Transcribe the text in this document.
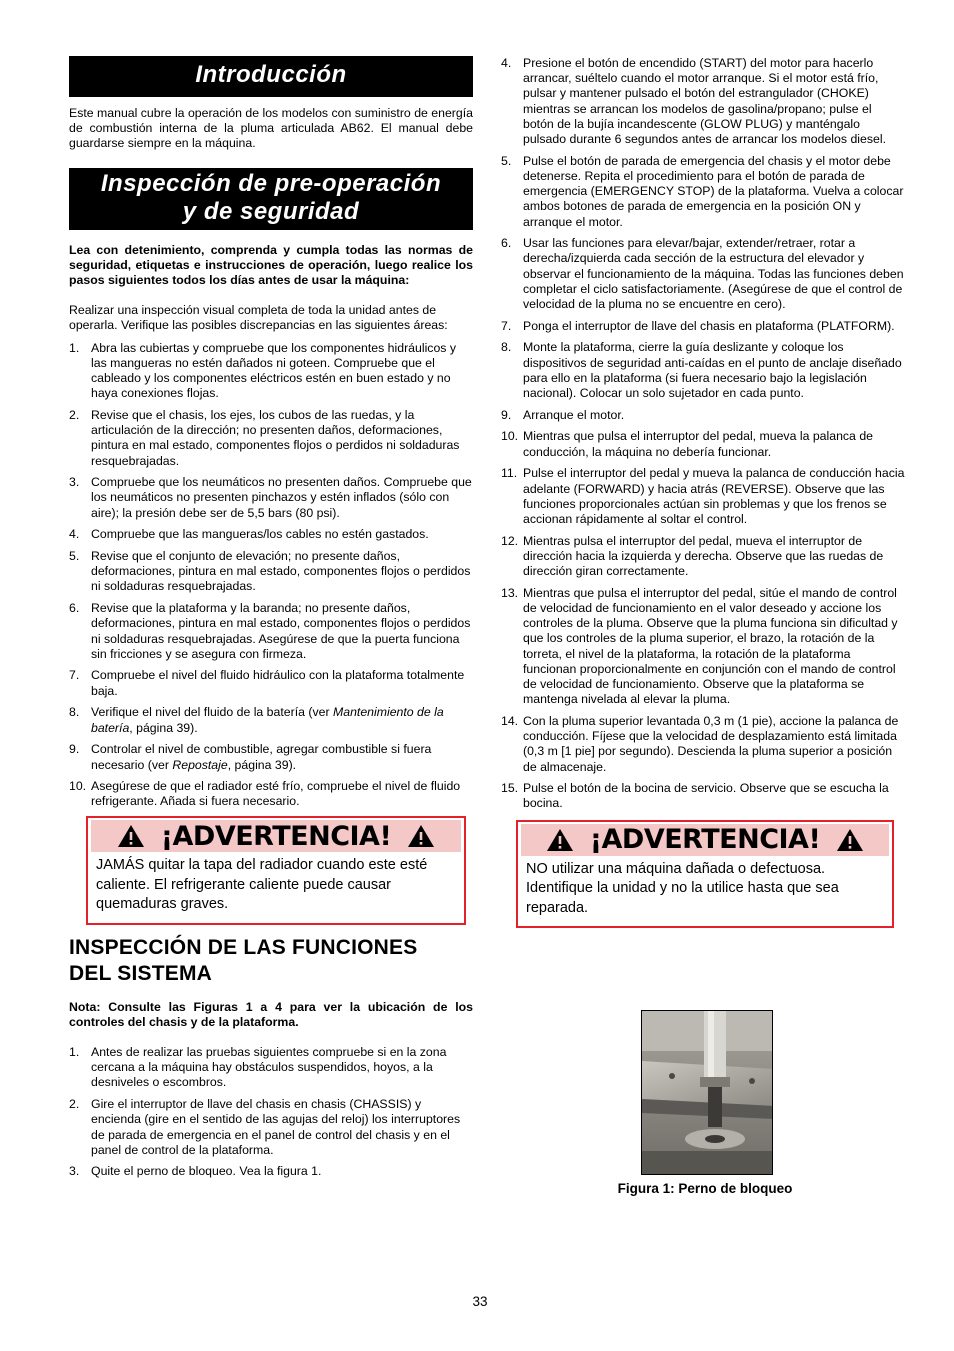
Introducción

Este manual cubre la operación de los modelos con suministro de energía de combustión interna de la pluma articulada AB62. El manual debe guardarse siempre en la máquina.

Inspección de pre-operación
y de seguridad

Lea con detenimiento, comprenda y cumpla todas las normas de seguridad, etiquetas e instrucciones de operación, luego realice los pasos siguientes todos los días antes de usar la máquina:

Realizar una inspección visual completa de toda la unidad antes de operarla. Verifique las posibles discrepancias en las siguientes áreas:

1. Abra las cubiertas y compruebe que los componentes hidráulicos y las mangueras no estén dañados ni goteen. Compruebe que el cableado y los componentes eléctricos estén en buen estado y no haya conexiones flojas.
2. Revise que el chasis, los ejes, los cubos de las ruedas, y la articulación de la dirección; no presenten daños, deformaciones, pintura en mal estado, componentes flojos o perdidos ni soldaduras resquebrajadas.
3. Compruebe que los neumáticos no presenten daños. Compruebe que los neumáticos no presenten pinchazos y estén inflados (sólo con aire); la presión debe ser de 5,5 bars (80 psi).
4. Compruebe que las mangueras/los cables no estén gastados.
5. Revise que el conjunto de elevación; no presente daños, deformaciones, pintura en mal estado, componentes flojos o perdidos ni soldaduras resquebrajadas.
6. Revise que la plataforma y la baranda; no presente daños, deformaciones, pintura en mal estado, componentes flojos o perdidos ni soldaduras resquebrajadas. Asegúrese de que la puerta funciona sin fricciones y se asegura con firmeza.
7. Compruebe el nivel del fluido hidráulico con la plataforma totalmente baja.
8. Verifique el nivel del fluido de la batería (ver Mantenimiento de la batería, página 39).
9. Controlar el nivel de combustible, agregar combustible si fuera necesario (ver Repostaje, página 39).
10. Asegúrese de que el radiador esté frío, compruebe el nivel de fluido refrigerante. Añada si fuera necesario.
¡ADVERTENCIA!
JAMÁS quitar la tapa del radiador cuando este esté caliente. El refrigerante caliente puede causar quemaduras graves.
INSPECCIÓN DE LAS FUNCIONES
DEL SISTEMA

Nota: Consulte las Figuras 1 a 4 para ver la ubicación de los controles del chasis y de la plataforma.

1. Antes de realizar las pruebas siguientes compruebe si en la zona cercana a la máquina hay obstáculos suspendidos, hoyos, a la desniveles o escombros.
2. Gire el interruptor de llave del chasis en chasis (CHASSIS) y encienda (gire en el sentido de las agujas del reloj) los interruptores de parada de emergencia en el panel de control del chasis y en el panel de control de la plataforma.
3. Quite el perno de bloqueo. Vea la figura 1.
4. Presione el botón de encendido (START) del motor para hacerlo arrancar, suéltelo cuando el motor arranque. Si el motor está frío, pulsar y mantener pulsado el botón del estrangulador (CHOKE) mientras se arrancan los modelos de gasolina/propano; pulse el botón de la bujía incandescente (GLOW PLUG) y manténgalo pulsado durante 6 segundos antes de arrancar los modelos diesel.
5. Pulse el botón de parada de emergencia del chasis y el motor debe detenerse. Repita el procedimiento para el botón de parada de emergencia (EMERGENCY STOP) de la plataforma. Vuelva a colocar ambos botones de parada de emergencia en la posición ON y arranque el motor.
6. Usar las funciones para elevar/bajar, extender/retraer, rotar a derecha/izquierda cada sección de la estructura del elevador y observar el funcionamiento de la máquina. Todas las funciones deben completar el ciclo satisfactoriamente. (Asegúrese de que el control de velocidad de la pluma no se encuentre en cero).
7. Ponga el interruptor de llave del chasis en plataforma (PLATFORM).
8. Monte la plataforma, cierre la guía deslizante y coloque los dispositivos de seguridad anti-caídas en el punto de anclaje diseñado para ello en la plataforma (si fuera necesario bajo la legislación nacional). Colocar un solo sujetador en cada punto.
9. Arranque el motor.
10. Mientras que pulsa el interruptor del pedal, mueva la palanca de conducción, la máquina no debería funcionar.
11. Pulse el interruptor del pedal y mueva la palanca de conducción hacia adelante (FORWARD) y hacia atrás (REVERSE). Observe que las funciones proporcionales actúan sin problemas y que los frenos se accionan rápidamente al soltar el control.
12. Mientras pulsa el interruptor del pedal, mueva el interruptor de dirección hacia la izquierda y derecha. Observe que las ruedas de dirección giran correctamente.
13. Mientras que pulsa el interruptor del pedal, sitúe el mando de control de velocidad de funcionamiento en el valor deseado y accione los controles de la pluma. Observe que la pluma funciona sin dificultad y que los controles de la pluma superior, el brazo, la rotación de la torreta, el nivel de la plataforma, la rotación de la plataforma funcionan proporcionalmente en conjunción con el mando de control de velocidad de funcionamiento. Observe que la plataforma se mantenga nivelada al elevar la pluma.
14. Con la pluma superior levantada 0,3 m (1 pie), accione la palanca de conducción. Fíjese que la velocidad de desplazamiento está limitada (0,3 m [1 pie] por segundo). Descienda la pluma superior a posición de almacenaje.
15. Pulse el botón de la bocina de servicio. Observe que se escucha la bocina.
¡ADVERTENCIA!
NO utilizar una máquina dañada o defectuosa. Identifique la unidad y no la utilice hasta que sea reparada.
Figura 1: Perno de bloqueo
33
